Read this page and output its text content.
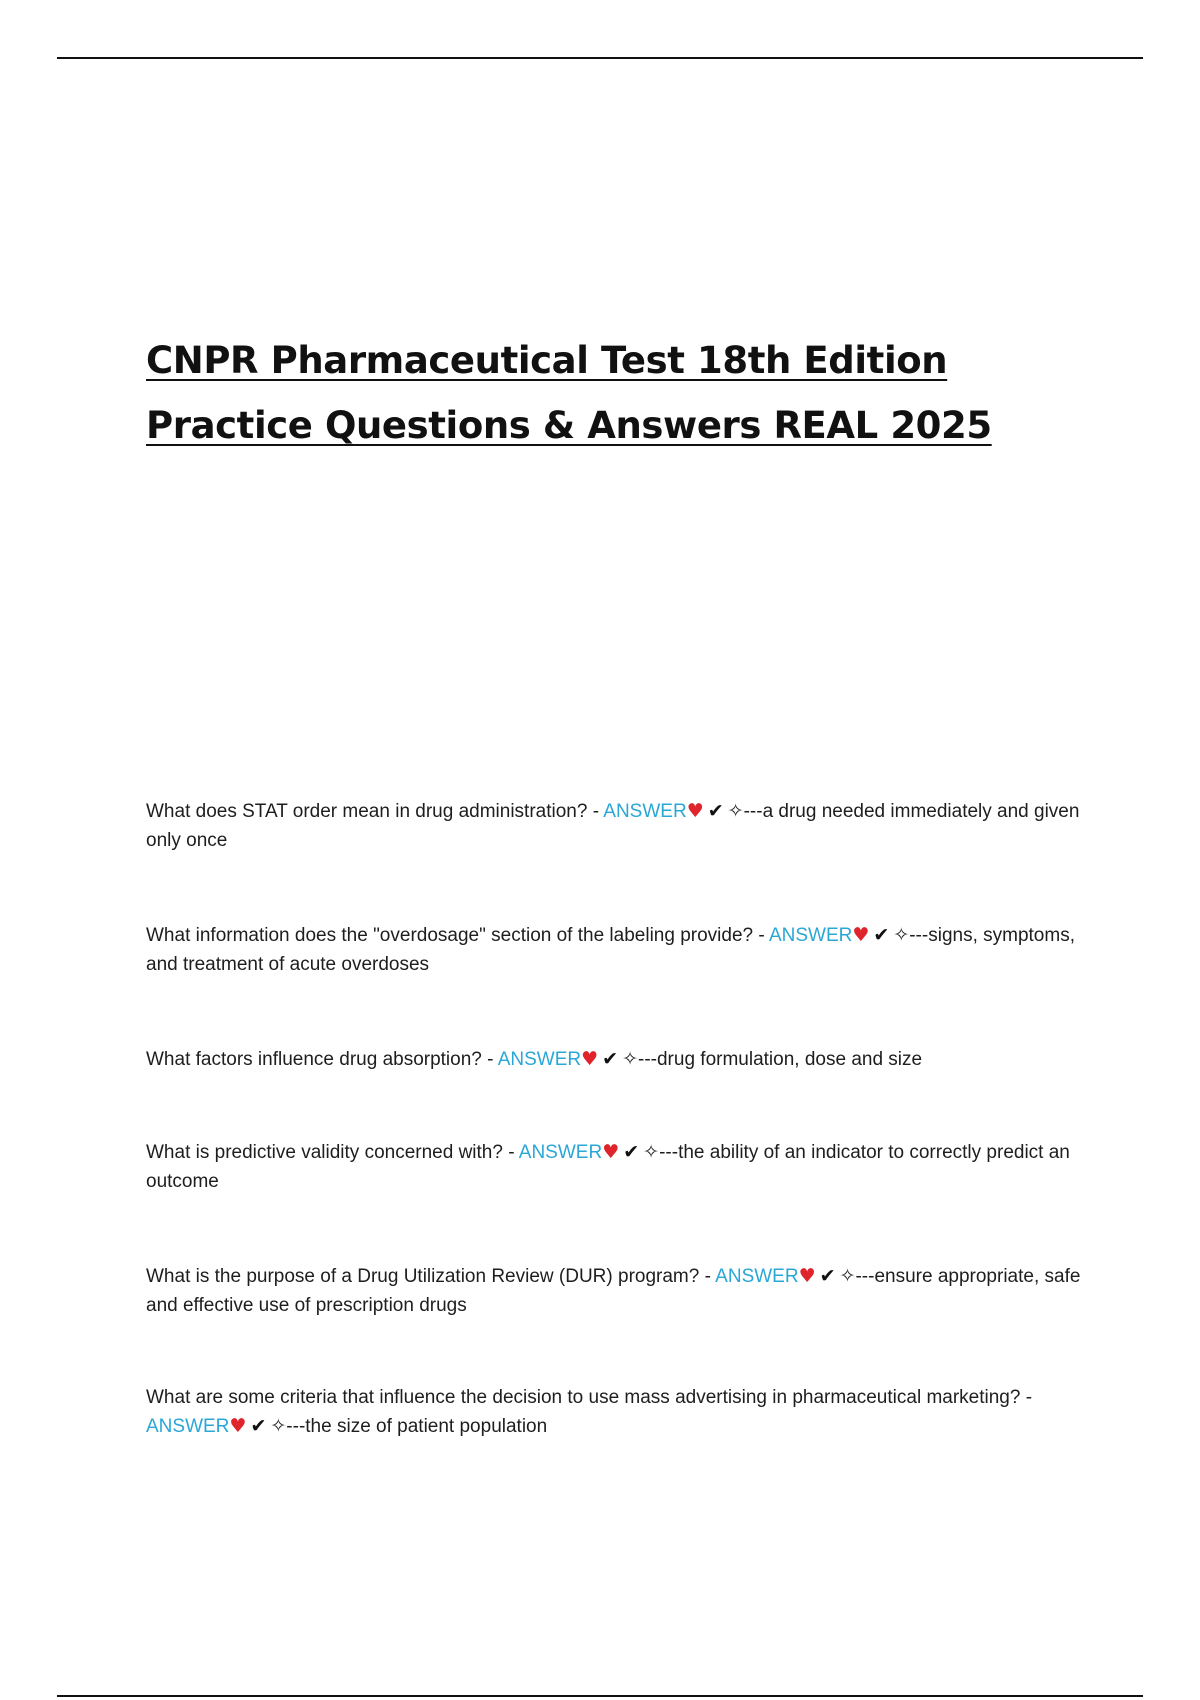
CNPR Pharmaceutical Test 18th Edition
Practice Questions & Answers REAL 2025

What does STAT order mean in drug administration? - ANSWER♥ ✔ ✧---a drug needed immediately and given only once

What information does the "overdosage" section of the labeling provide? - ANSWER♥ ✔ ✧---signs, symptoms, and treatment of acute overdoses

What factors influence drug absorption? - ANSWER♥ ✔ ✧---drug formulation, dose and size

What is predictive validity concerned with? - ANSWER♥ ✔ ✧---the ability of an indicator to correctly predict an outcome

What is the purpose of a Drug Utilization Review (DUR) program? - ANSWER♥ ✔ ✧---ensure appropriate, safe and effective use of prescription drugs

What are some criteria that influence the decision to use mass advertising in pharmaceutical marketing? - ANSWER♥ ✔ ✧---the size of patient population
